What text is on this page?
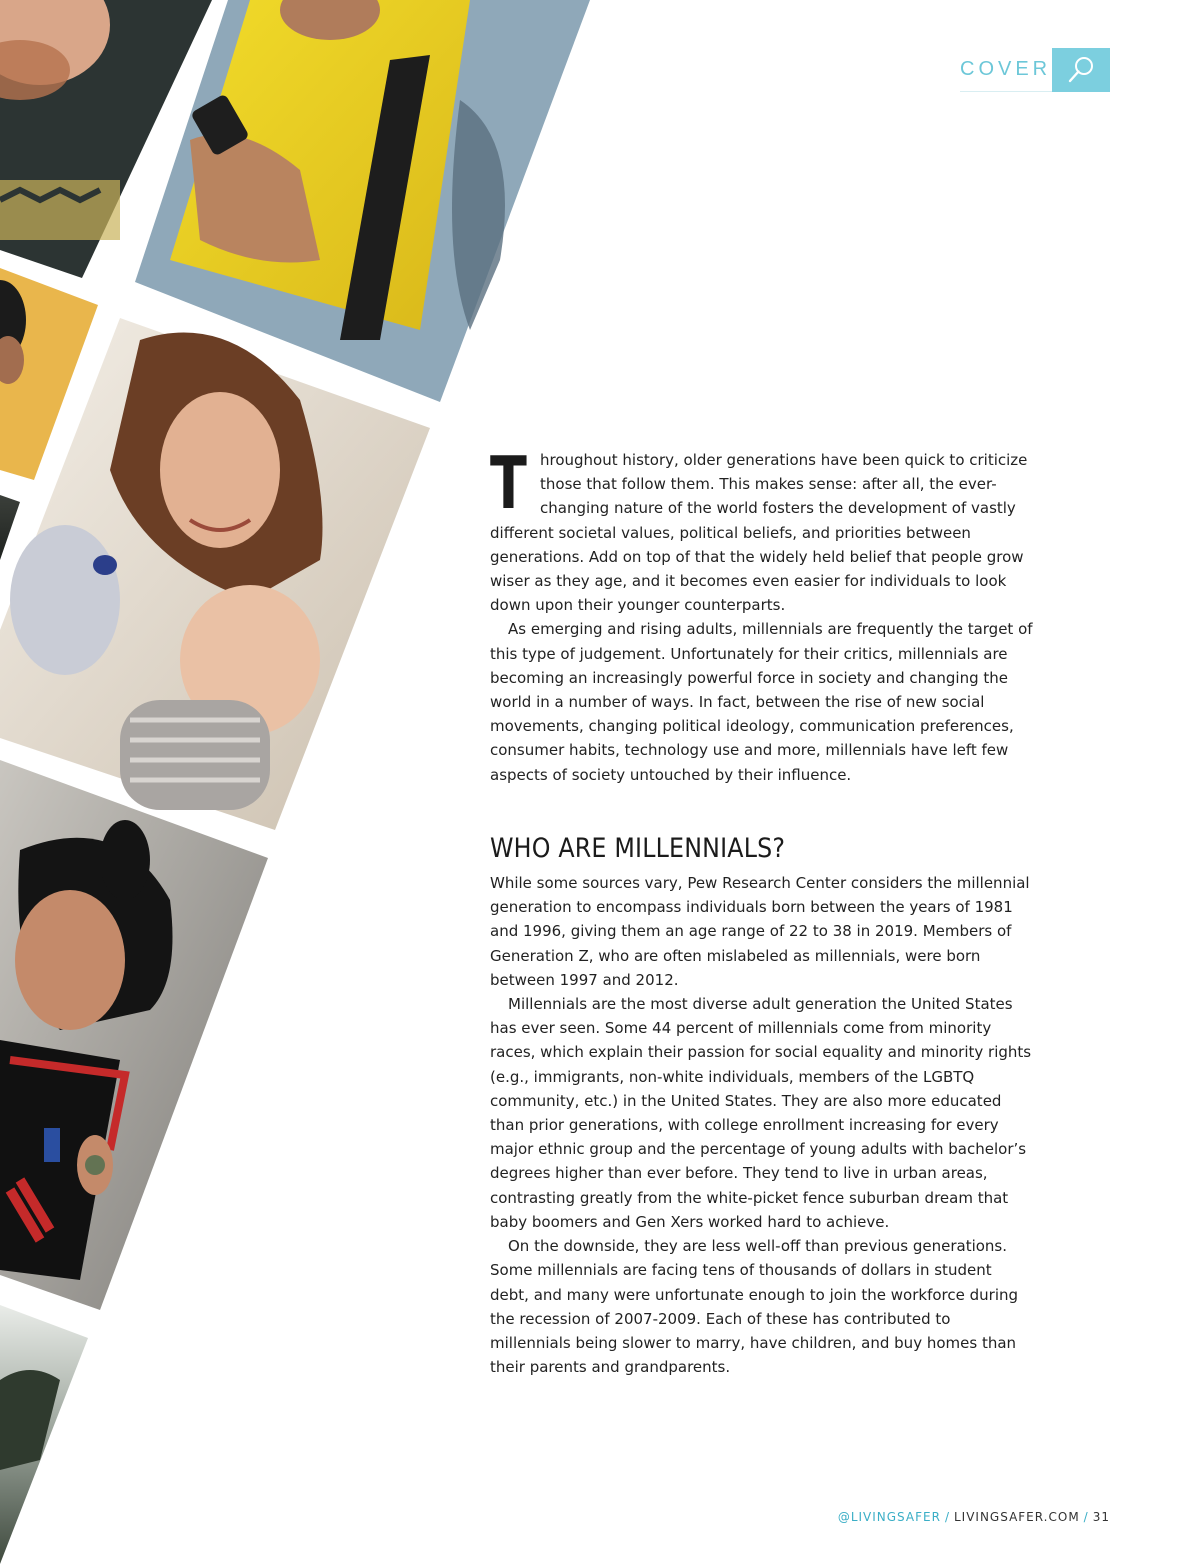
COVER

Throughout history, older generations have been quick to criticize those that follow them. This makes sense: after all, the ever-changing nature of the world fosters the development of vastly different societal values, political beliefs, and priorities between generations. Add on top of that the widely held belief that people grow wiser as they age, and it becomes even easier for individuals to look down upon their younger counterparts.

As emerging and rising adults, millennials are frequently the target of this type of judgement. Unfortunately for their critics, millennials are becoming an increasingly powerful force in society and changing the world in a number of ways. In fact, between the rise of new social movements, changing political ideology, communication preferences, consumer habits, technology use and more, millennials have left few aspects of society untouched by their influence.

WHO ARE MILLENNIALS?

While some sources vary, Pew Research Center considers the millennial generation to encompass individuals born between the years of 1981 and 1996, giving them an age range of 22 to 38 in 2019. Members of Generation Z, who are often mislabeled as millennials, were born between 1997 and 2012.

Millennials are the most diverse adult generation the United States has ever seen. Some 44 percent of millennials come from minority races, which explain their passion for social equality and minority rights (e.g., immigrants, non-white individuals, members of the LGBTQ community, etc.) in the United States. They are also more educated than prior generations, with college enrollment increasing for every major ethnic group and the percentage of young adults with bachelor’s degrees higher than ever before. They tend to live in urban areas, contrasting greatly from the white-picket fence suburban dream that baby boomers and Gen Xers worked hard to achieve.

On the downside, they are less well-off than previous generations. Some millennials are facing tens of thousands of dollars in student debt, and many were unfortunate enough to join the workforce during the recession of 2007-2009. Each of these has contributed to millennials being slower to marry, have children, and buy homes than their parents and grandparents.

@LIVINGSAFER / LIVINGSAFER.COM / 31
